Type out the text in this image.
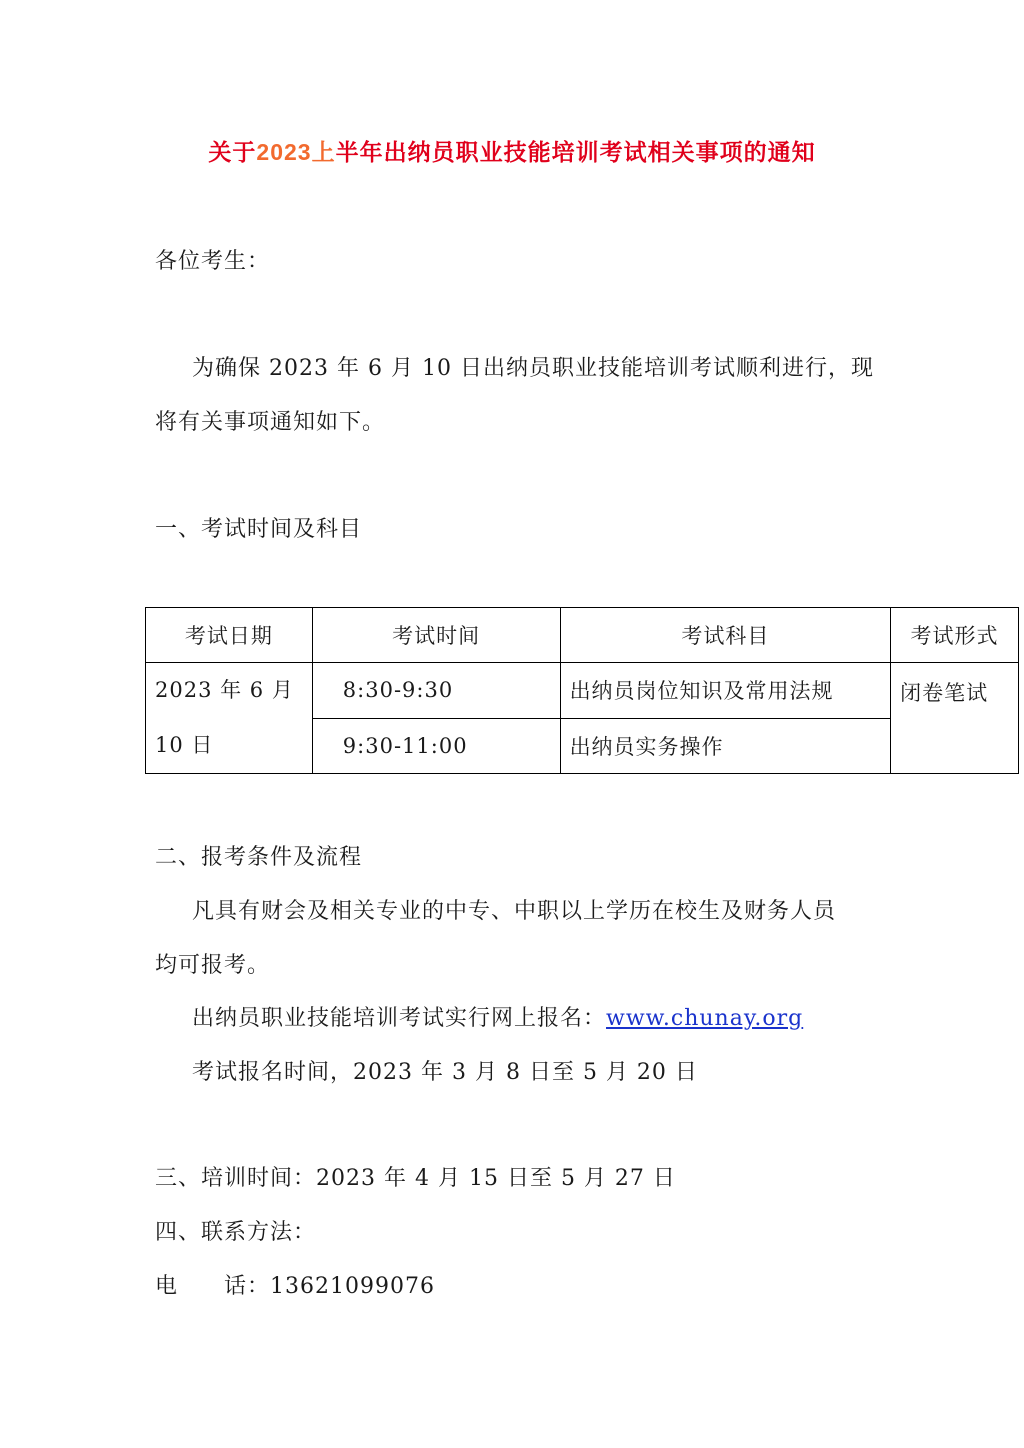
关于2023上半年出纳员职业技能培训考试相关事项的通知
各位考生：
为确保 2023 年 6 月 10 日出纳员职业技能培训考试顺利进行，现
将有关事项通知如下。
一、考试时间及科目
考试日期	考试时间	考试科目	考试形式
2023 年 6 月 10 日	8:30-9:30	出纳员岗位知识及常用法规	闭卷笔试
	9:30-11:00	出纳员实务操作	
二、报考条件及流程
凡具有财会及相关专业的中专、中职以上学历在校生及财务人员
均可报考。
出纳员职业技能培训考试实行网上报名：www.chunay.org
考试报名时间，2023 年 3 月 8 日至 5 月 20 日
三、培训时间：2023 年 4 月 15 日至 5 月 27 日
四、联系方法：
电　　话：13621099076
